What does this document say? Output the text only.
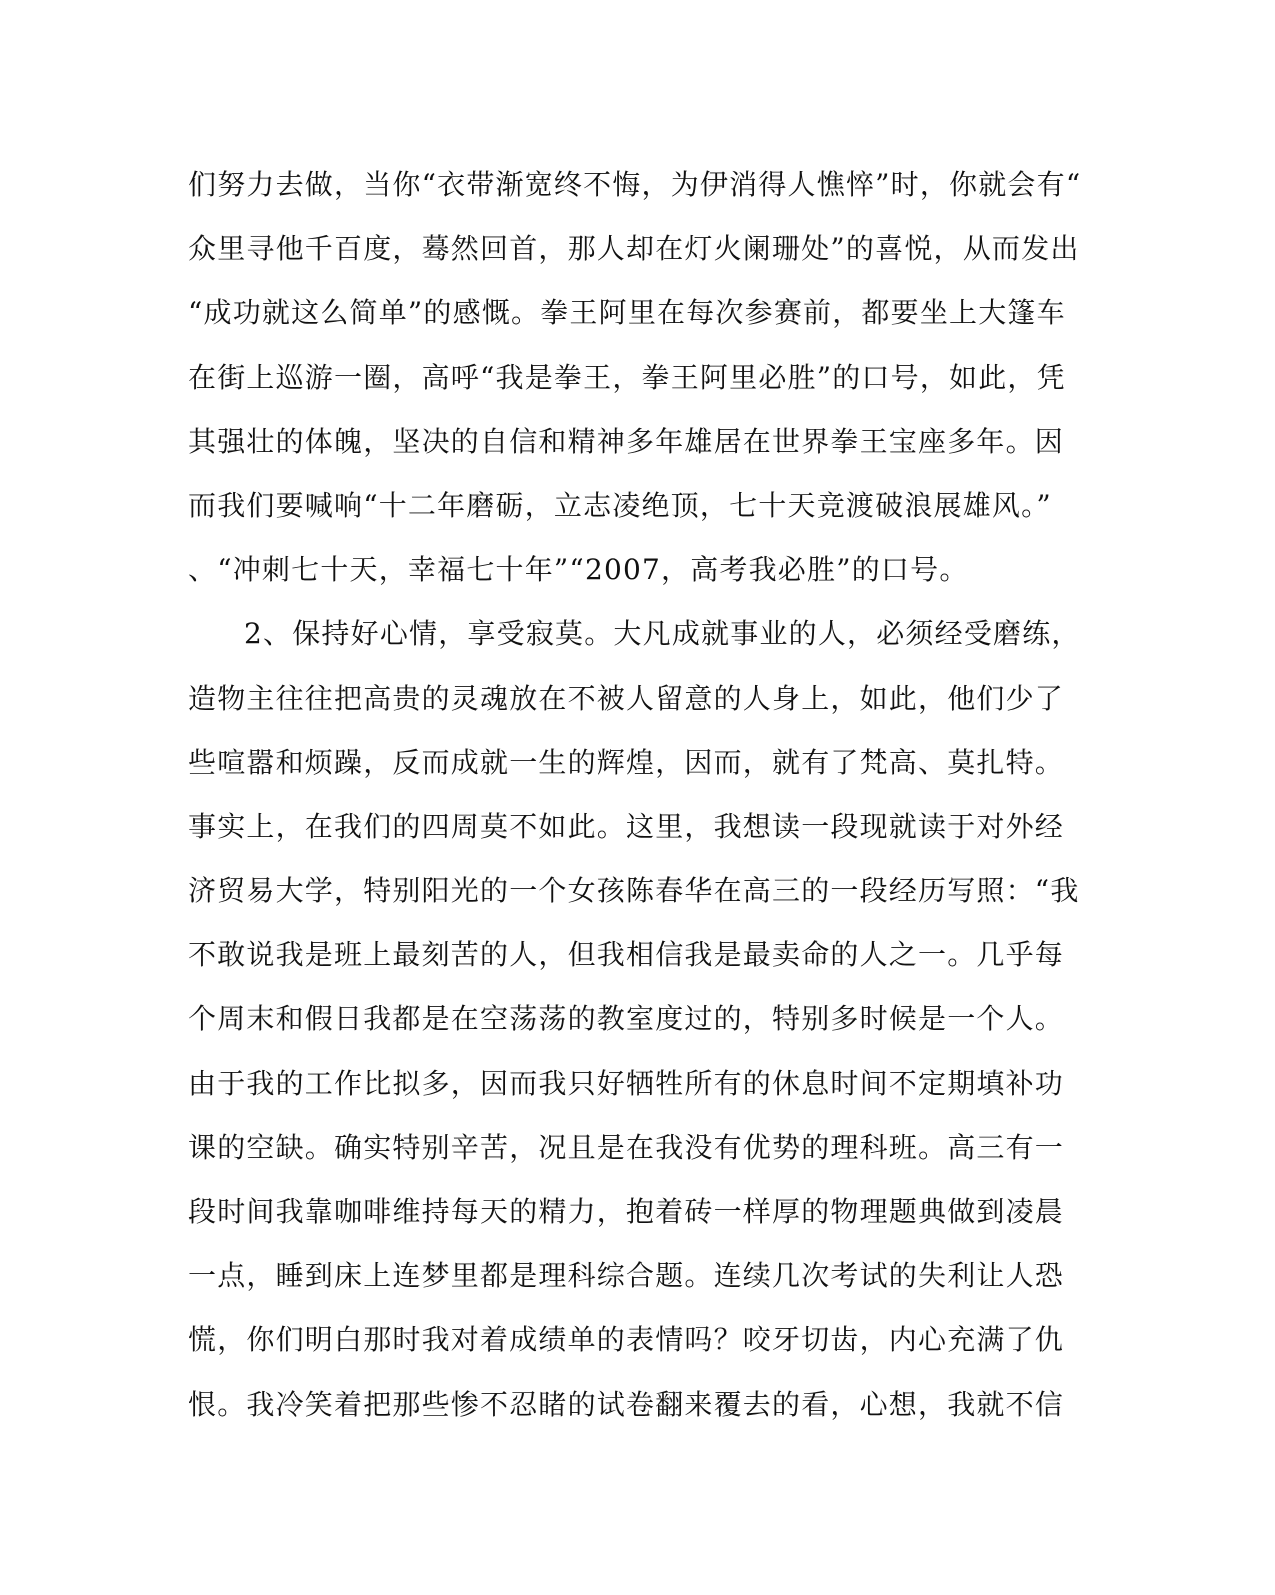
们努力去做，当你“衣带渐宽终不悔，为伊消得人憔悴”时，你就会有“
众里寻他千百度，蓦然回首，那人却在灯火阑珊处”的喜悦，从而发出
“成功就这么简单”的感慨。拳王阿里在每次参赛前，都要坐上大篷车
在街上巡游一圈，高呼“我是拳王，拳王阿里必胜”的口号，如此，凭
其强壮的体魄，坚决的自信和精神多年雄居在世界拳王宝座多年。因
而我们要喊响“十二年磨砺，立志凌绝顶，七十天竞渡破浪展雄风。”
、“冲刺七十天，幸福七十年”“2007，高考我必胜”的口号。
2、保持好心情，享受寂莫。大凡成就事业的人，必须经受磨练，
造物主往往把高贵的灵魂放在不被人留意的人身上，如此，他们少了
些喧嚣和烦躁，反而成就一生的辉煌，因而，就有了梵高、莫扎特。
事实上，在我们的四周莫不如此。这里，我想读一段现就读于对外经
济贸易大学，特别阳光的一个女孩陈春华在高三的一段经历写照：“我
不敢说我是班上最刻苦的人，但我相信我是最卖命的人之一。几乎每
个周末和假日我都是在空荡荡的教室度过的，特别多时候是一个人。
由于我的工作比拟多，因而我只好牺牲所有的休息时间不定期填补功
课的空缺。确实特别辛苦，况且是在我没有优势的理科班。高三有一
段时间我靠咖啡维持每天的精力，抱着砖一样厚的物理题典做到凌晨
一点，睡到床上连梦里都是理科综合题。连续几次考试的失利让人恐
慌，你们明白那时我对着成绩单的表情吗？咬牙切齿，内心充满了仇
恨。我冷笑着把那些惨不忍睹的试卷翻来覆去的看，心想，我就不信
